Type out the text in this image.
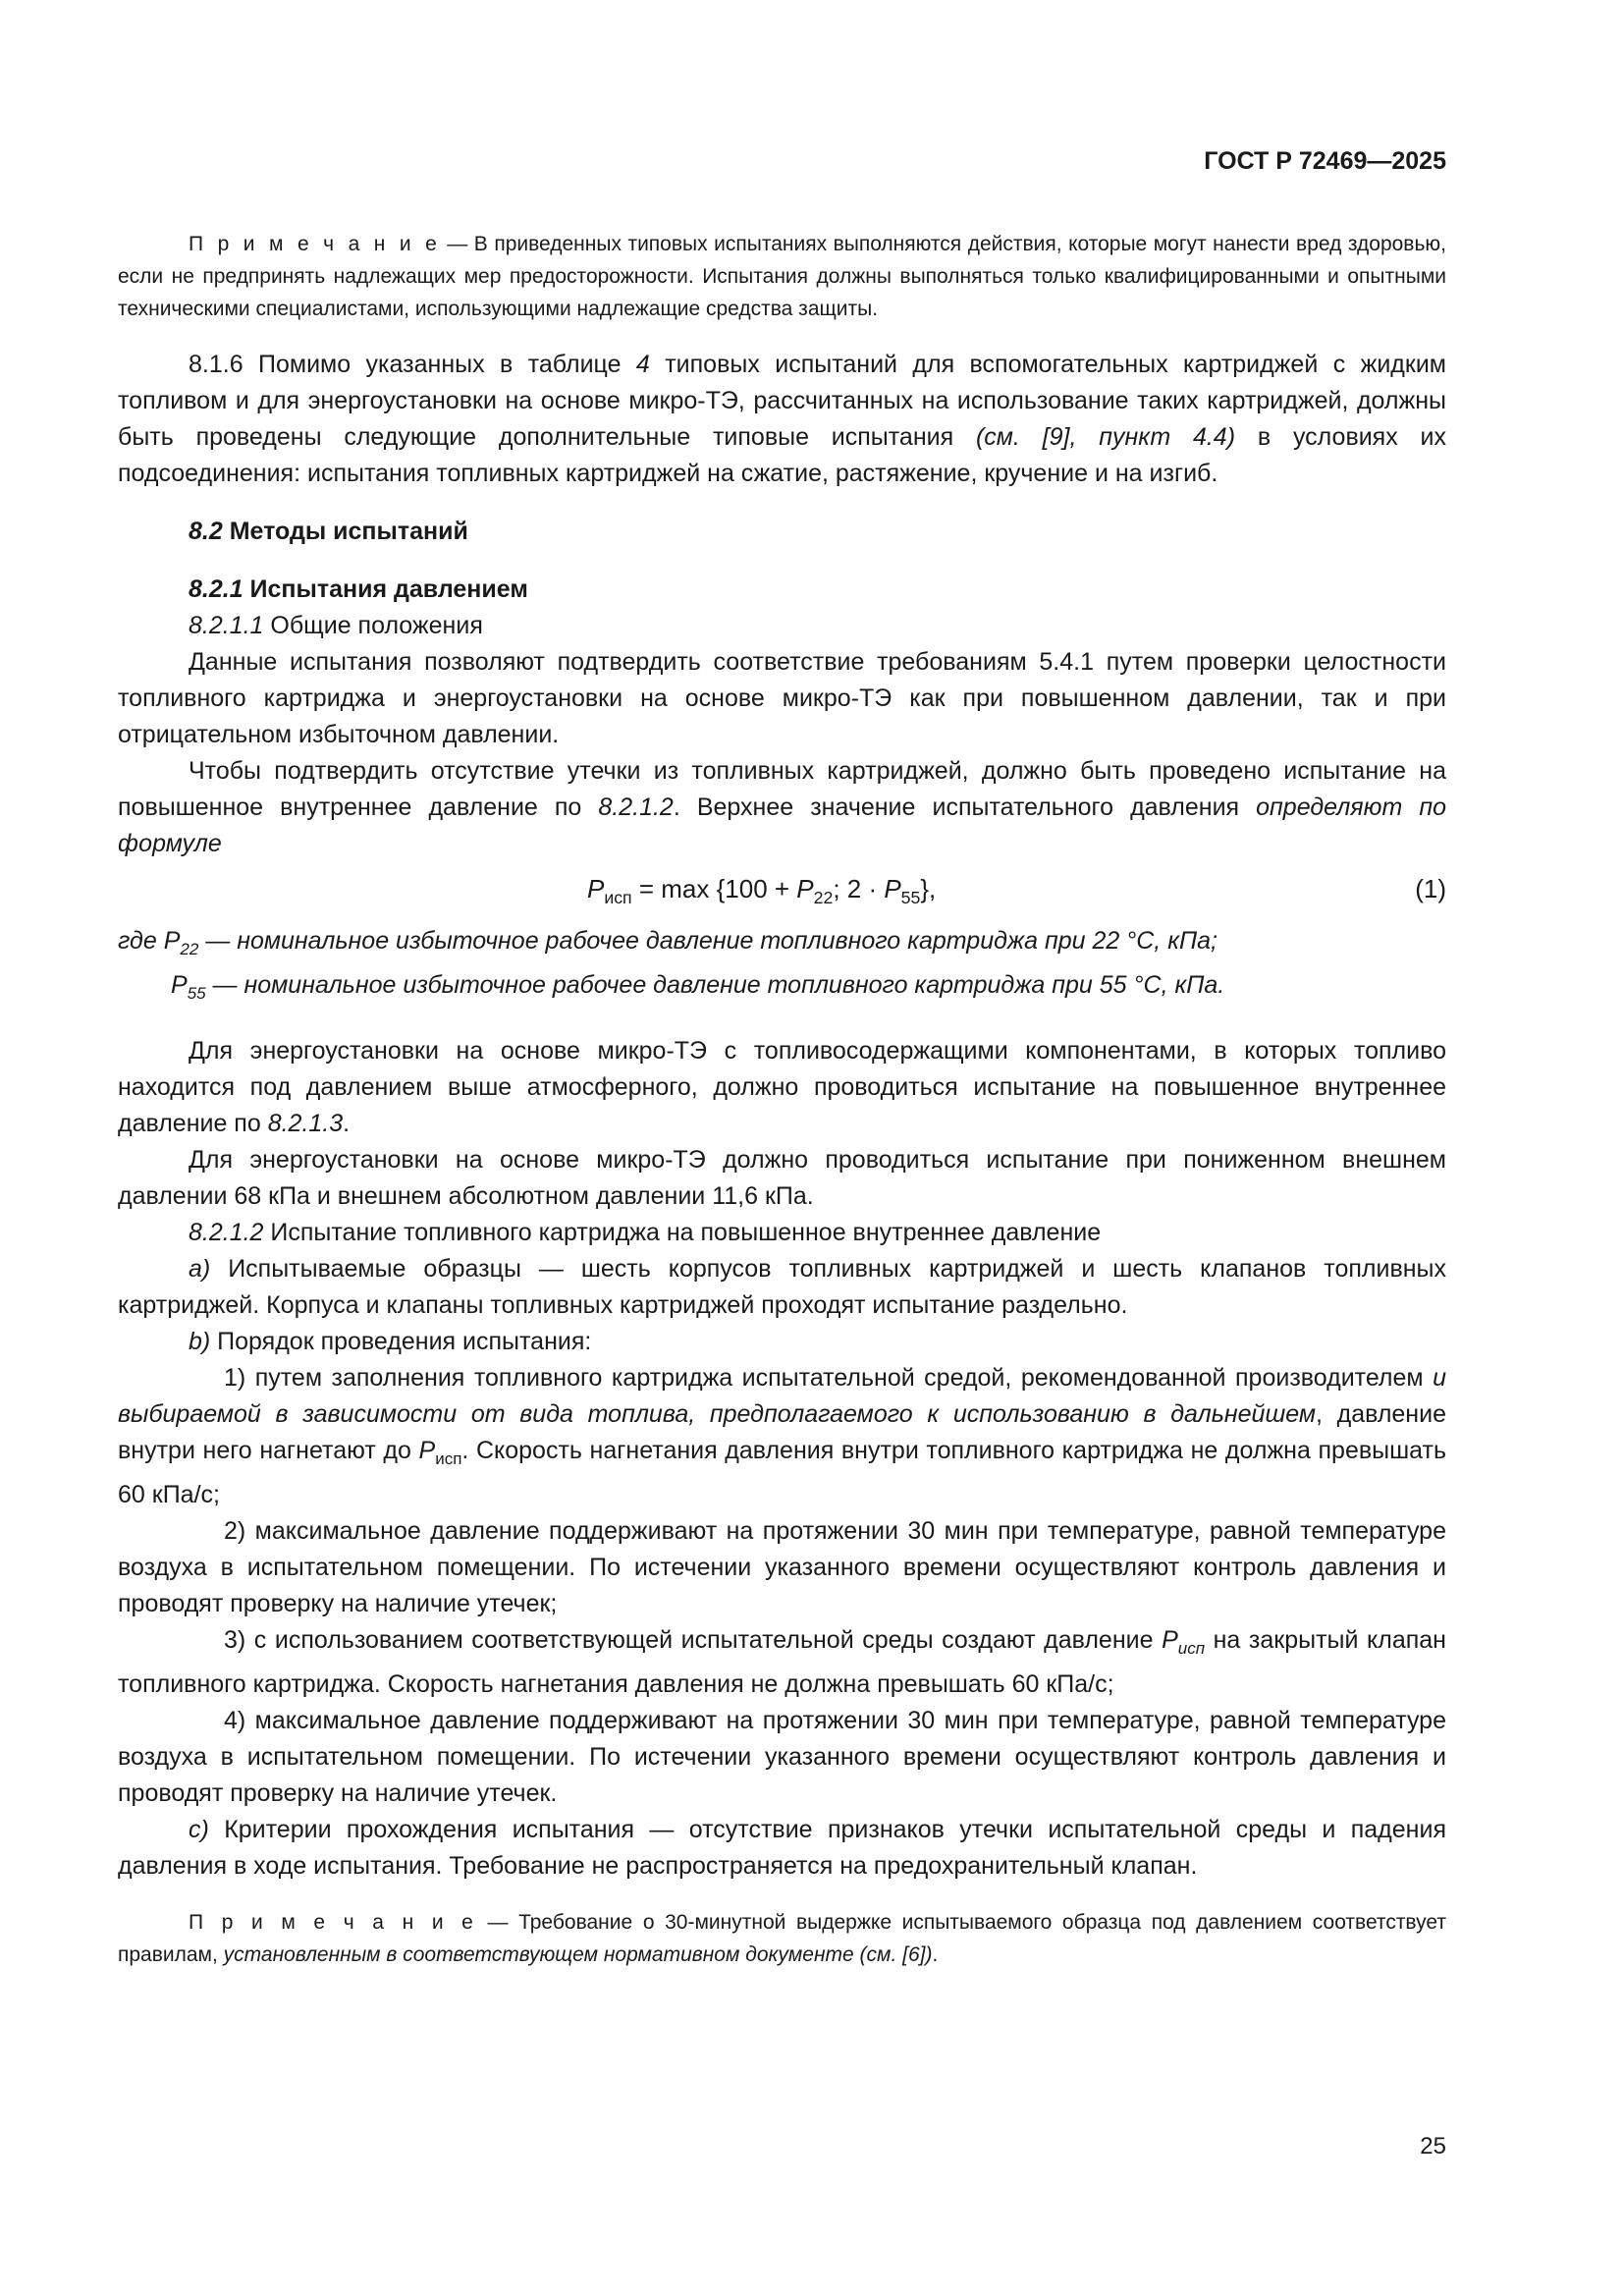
ГОСТ Р 72469—2025

П р и м е ч а н и е — В приведенных типовых испытаниях выполняются действия, которые могут нанести вред здоровью, если не предпринять надлежащих мер предосторожности. Испытания должны выполняться только квалифицированными и опытными техническими специалистами, использующими надлежащие средства защиты.

8.1.6 Помимо указанных в таблице 4 типовых испытаний для вспомогательных картриджей с жидким топливом и для энергоустановки на основе микро-ТЭ, рассчитанных на использование таких картриджей, должны быть проведены следующие дополнительные типовые испытания (см. [9], пункт 4.4) в условиях их подсоединения: испытания топливных картриджей на сжатие, растяжение, кручение и на изгиб.

8.2 Методы испытаний

8.2.1 Испытания давлением

8.2.1.1 Общие положения

Данные испытания позволяют подтвердить соответствие требованиям 5.4.1 путем проверки целостности топливного картриджа и энергоустановки на основе микро-ТЭ как при повышенном давлении, так и при отрицательном избыточном давлении.

Чтобы подтвердить отсутствие утечки из топливных картриджей, должно быть проведено испытание на повышенное внутреннее давление по 8.2.1.2. Верхнее значение испытательного давления определяют по формуле

$P_{исп} = \max \{100 + P_{22}$; $2 \cdot P_{55}$},	(1)
где $P_{22}$ — номинальное избыточное рабочее давление топливного картриджа при 22 °C, кПа;
$P_{55}$ — номинальное избыточное рабочее давление топливного картриджа при 55 °C, кПа.

Для энергоустановки на основе микро-ТЭ с топливосодержащими компонентами, в которых топливо находится под давлением выше атмосферного, должно проводиться испытание на повышенное внутреннее давление по 8.2.1.3.

Для энергоустановки на основе микро-ТЭ должно проводиться испытание при пониженном внешнем давлении 68 кПа и внешнем абсолютном давлении 11,6 кПа.

8.2.1.2 Испытание топливного картриджа на повышенное внутреннее давление

a) Испытываемые образцы — шесть корпусов топливных картриджей и шесть клапанов топливных картриджей. Корпуса и клапаны топливных картриджей проходят испытание раздельно.

b) Порядок проведения испытания:

1) путем заполнения топливного картриджа испытательной средой, рекомендованной производителем и выбираемой в зависимости от вида топлива, предполагаемого к использованию в дальнейшем, давление внутри него нагнетают до $P_{исп}$. Скорость нагнетания давления внутри топливного картриджа не должна превышать 60 кПа/с;

2) максимальное давление поддерживают на протяжении 30 мин при температуре, равной температуре воздуха в испытательном помещении. По истечении указанного времени осуществляют контроль давления и проводят проверку на наличие утечек;

3) с использованием соответствующей испытательной среды создают давление $P_{исп}$ на закрытый клапан топливного картриджа. Скорость нагнетания давления не должна превышать 60 кПа/с;

4) максимальное давление поддерживают на протяжении 30 мин при температуре, равной температуре воздуха в испытательном помещении. По истечении указанного времени осуществляют контроль давления и проводят проверку на наличие утечек.

c) Критерии прохождения испытания — отсутствие признаков утечки испытательной среды и падения давления в ходе испытания. Требование не распространяется на предохранительный клапан.

П р и м е ч а н и е — Требование о 30-минутной выдержке испытываемого образца под давлением соответствует правилам, установленным в соответствующем нормативном документе (см. [6]).

25
